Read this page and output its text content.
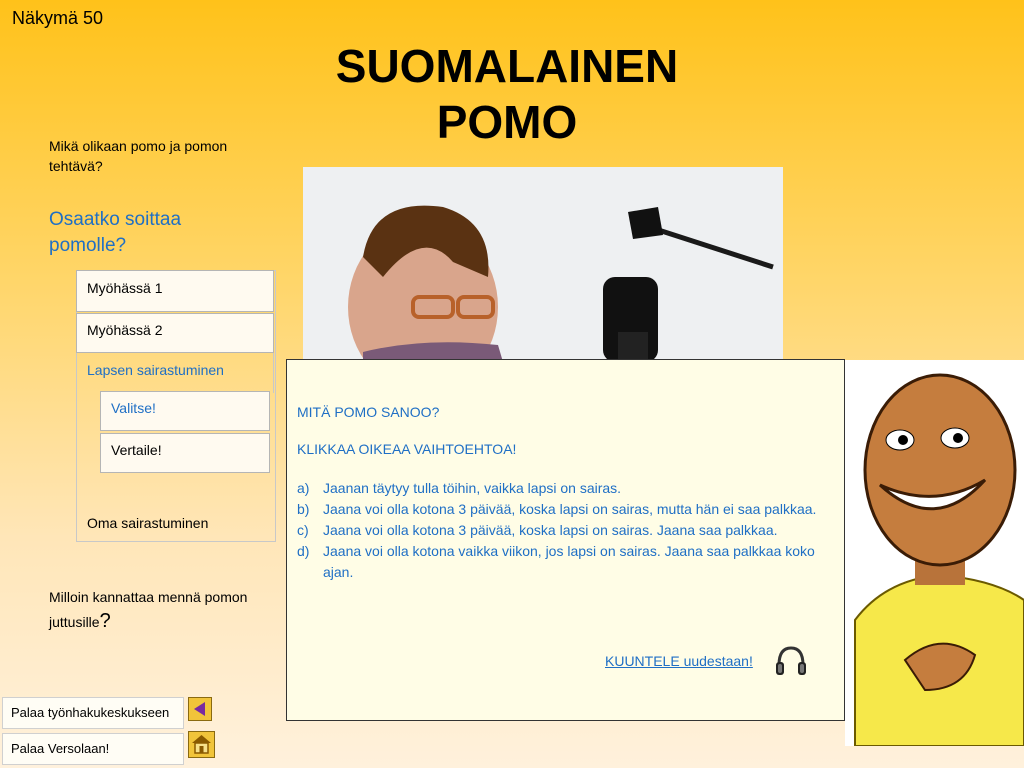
Näkymä 50
SUOMALAINEN POMO
Mikä olikaan pomo ja pomon tehtävä?
Osaatko soittaa pomolle?
Myöhässä 1
Myöhässä 2
Lapsen sairastuminen
Valitse!
Vertaile!
Oma sairastuminen
Milloin kannattaa mennä pomon juttusille?

MITÄ POMO SANOO?

KLIKKAA OIKEAA VAIHTOEHTOA!

a) Jaanan täytyy tulla töihin, vaikka lapsi on sairas.
b) Jaana voi olla kotona 3 päivää, koska lapsi on sairas, mutta hän ei saa palkkaa.
c)	Jaana voi olla kotona 3 päivää, koska lapsi on sairas. Jaana saa palkkaa.
d) Jaana voi olla kotona vaikka viikon, jos lapsi on sairas. Jaana saa palkkaa koko ajan.
KUUNTELE uudestaan!
Palaa työnhakukeskukseen
Palaa Versolaan!
